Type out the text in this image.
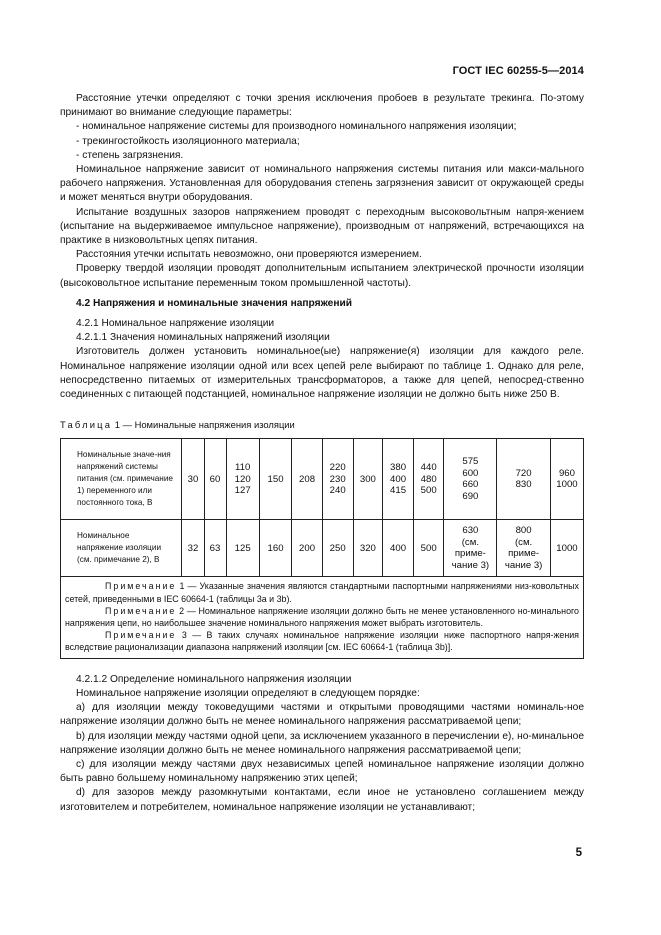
ГОСТ IEC 60255-5—2014

Расстояние утечки определяют с точки зрения исключения пробоев в результате трекинга. По-этому принимают во внимание следующие параметры:

- номинальное напряжение системы для производного номинального напряжения изоляции;

- трекингостойкость изоляционного материала;

- степень загрязнения.

Номинальное напряжение зависит от номинального напряжения системы питания или макси-мального рабочего напряжения. Установленная для оборудования степень загрязнения зависит от окружающей среды и может меняться внутри оборудования.

Испытание воздушных зазоров напряжением проводят с переходным высоковольтным напря-жением (испытание на выдерживаемое импульсное напряжение), производным от напряжений, встречающихся на практике в низковольтных цепях питания.

Расстояния утечки испытать невозможно, они проверяются измерением.

Проверку твердой изоляции проводят дополнительным испытанием электрической прочности изоляции (высоковольтное испытание переменным током промышленной частоты).

4.2 Напряжения и номинальные значения напряжений

4.2.1 Номинальное напряжение изоляции

4.2.1.1 Значения номинальных напряжений изоляции

Изготовитель должен установить номинальное(ые) напряжение(я) изоляции для каждого реле. Номинальное напряжение изоляции одной или всех цепей реле выбирают по таблице 1. Однако для реле, непосредственно питаемых от измерительных трансформаторов, а также для цепей, непосред-ственно соединенных с питающей подстанцией, номинальное напряжение изоляции не должно быть ниже 250 В.

Таблица 1 — Номинальные напряжения изоляции

Номинальные значе-ния напряжений системы питания (см. примечание 1) переменного или постоянного тока, В	30	60	110
120
127	150	208	220
230
240	300	380
400
415	440
480
500	575
600
660
690	720
830	960
1000

Номинальное напряжение изоляции (см. примечание 2), В	32	63	125	160	200	250	320	400	500	630
(см.
приме-
чание 3)	800
(см.
приме-
чание 3)	1000

Примечание 1 — Указанные значения являются стандартными паспортными напряжениями низ-ковольтных сетей, приведенными в IEC 60664-1 (таблицы 3a и 3b).

Примечание 2 — Номинальное напряжение изоляции должно быть не менее установленного но-минального напряжения цепи, но наибольшее значение номинального напряжения может выбрать изготовитель.

Примечание 3 — В таких случаях номинальное напряжение изоляции ниже паспортного напря-жения вследствие рационализации диапазона напряжений изоляции [см. IEC 60664-1 (таблица 3b)].												

4.2.1.2 Определение номинального напряжения изоляции

Номинальное напряжение изоляции определяют в следующем порядке:

a) для изоляции между токоведущими частями и открытыми проводящими частями номиналь-ное напряжение изоляции должно быть не менее номинального напряжения рассматриваемой цепи;

b) для изоляции между частями одной цепи, за исключением указанного в перечислении e), но-минальное напряжение изоляции должно быть не менее номинального напряжения рассматриваемой цепи;

c) для изоляции между частями двух независимых цепей номинальное напряжение изоляции должно быть равно большему номинальному напряжению этих цепей;

d) для зазоров между разомкнутыми контактами, если иное не установлено соглашением между изготовителем и потребителем, номинальное напряжение изоляции не устанавливают;

5
